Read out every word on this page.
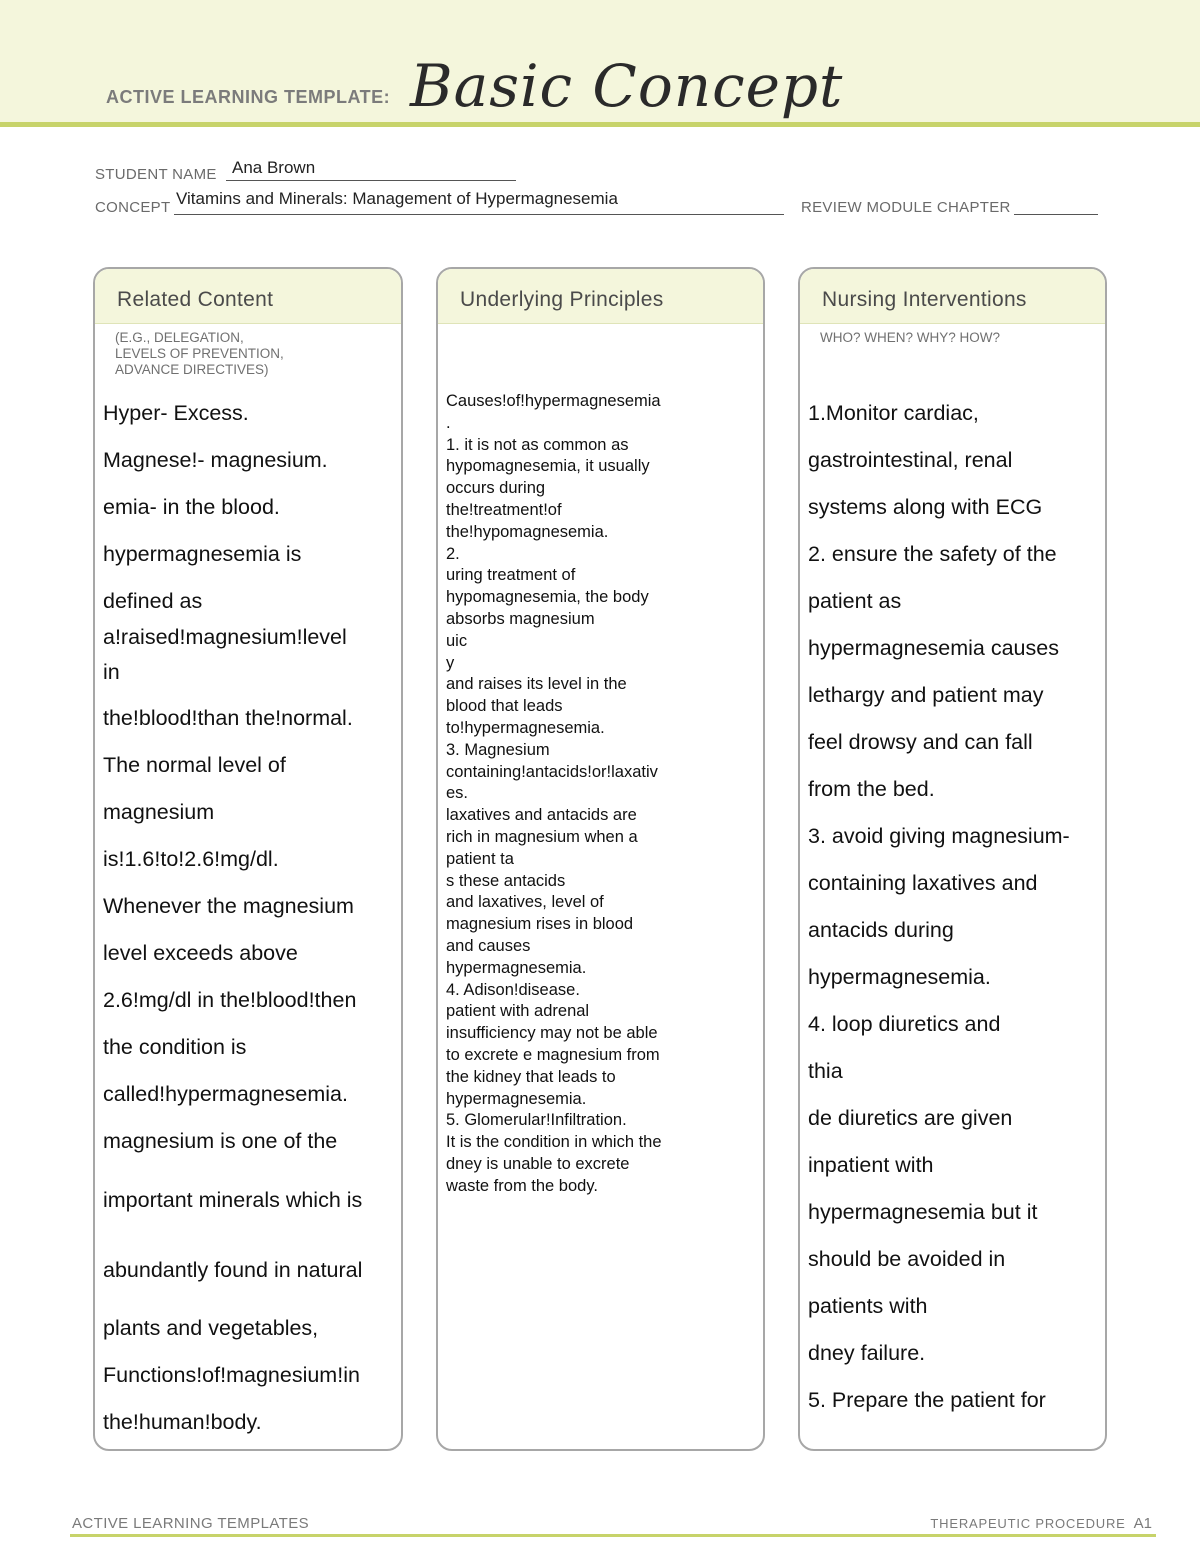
ACTIVE LEARNING TEMPLATE: Basic Concept
STUDENT NAME Ana Brown
CONCEPT Vitamins and Minerals: Management of Hypermagnesemia	REVIEW MODULE CHAPTER
Related Content
(E.G., DELEGATION,
LEVELS OF PREVENTION,
ADVANCE DIRECTIVES)
Hyper- Excess.
Magnese!- magnesium.
emia- in the blood.
hypermagnesemia is
defined as
a!raised!magnesium!level
in
the!blood!than the!normal.
The normal level of
magnesium
is!1.6!to!2.6!mg/dl.
Whenever the magnesium
level exceeds above
2.6!mg/dl in the!blood!then
the condition is
called!hypermagnesemia.
magnesium is one of the
important minerals which is
abundantly found in natural
plants and vegetables,
Functions!of!magnesium!in
the!human!body.
Underlying Principles
Causes!of!hypermagnesemia
.
1. it is not as common as
hypomagnesemia, it usually
occurs during
the!treatment!of
the!hypomagnesemia.
2.
uring treatment of
hypomagnesemia, the body
absorbs magnesium
uic
y
and raises its level in the
blood that leads
to!hypermagnesemia.
3. Magnesium
containing!antacids!or!laxativ
es.
laxatives and antacids are
rich in magnesium when a
patient ta
s these antacids
and laxatives, level of
magnesium rises in blood
and causes
hypermagnesemia.
4. Adison!disease.
patient with adrenal
insufficiency may not be able
to excrete e magnesium from
the kidney that leads to
hypermagnesemia.
5. Glomerular!Infiltration.
It is the condition in which the
dney is unable to excrete
waste from the body.
Nursing Interventions
WHO? WHEN? WHY? HOW?
1.Monitor cardiac,
gastrointestinal, renal
systems along with ECG
2. ensure the safety of the
patient as
hypermagnesemia causes
lethargy and patient may
feel drowsy and can fall
from the bed.
3. avoid giving magnesium-
containing laxatives and
antacids during
hypermagnesemia.
4. loop diuretics and
thia
de diuretics are given
inpatient with
hypermagnesemia but it
should be avoided in
patients with
dney failure.
5. Prepare the patient for
ACTIVE LEARNING TEMPLATES	THERAPEUTIC PROCEDURE A1
